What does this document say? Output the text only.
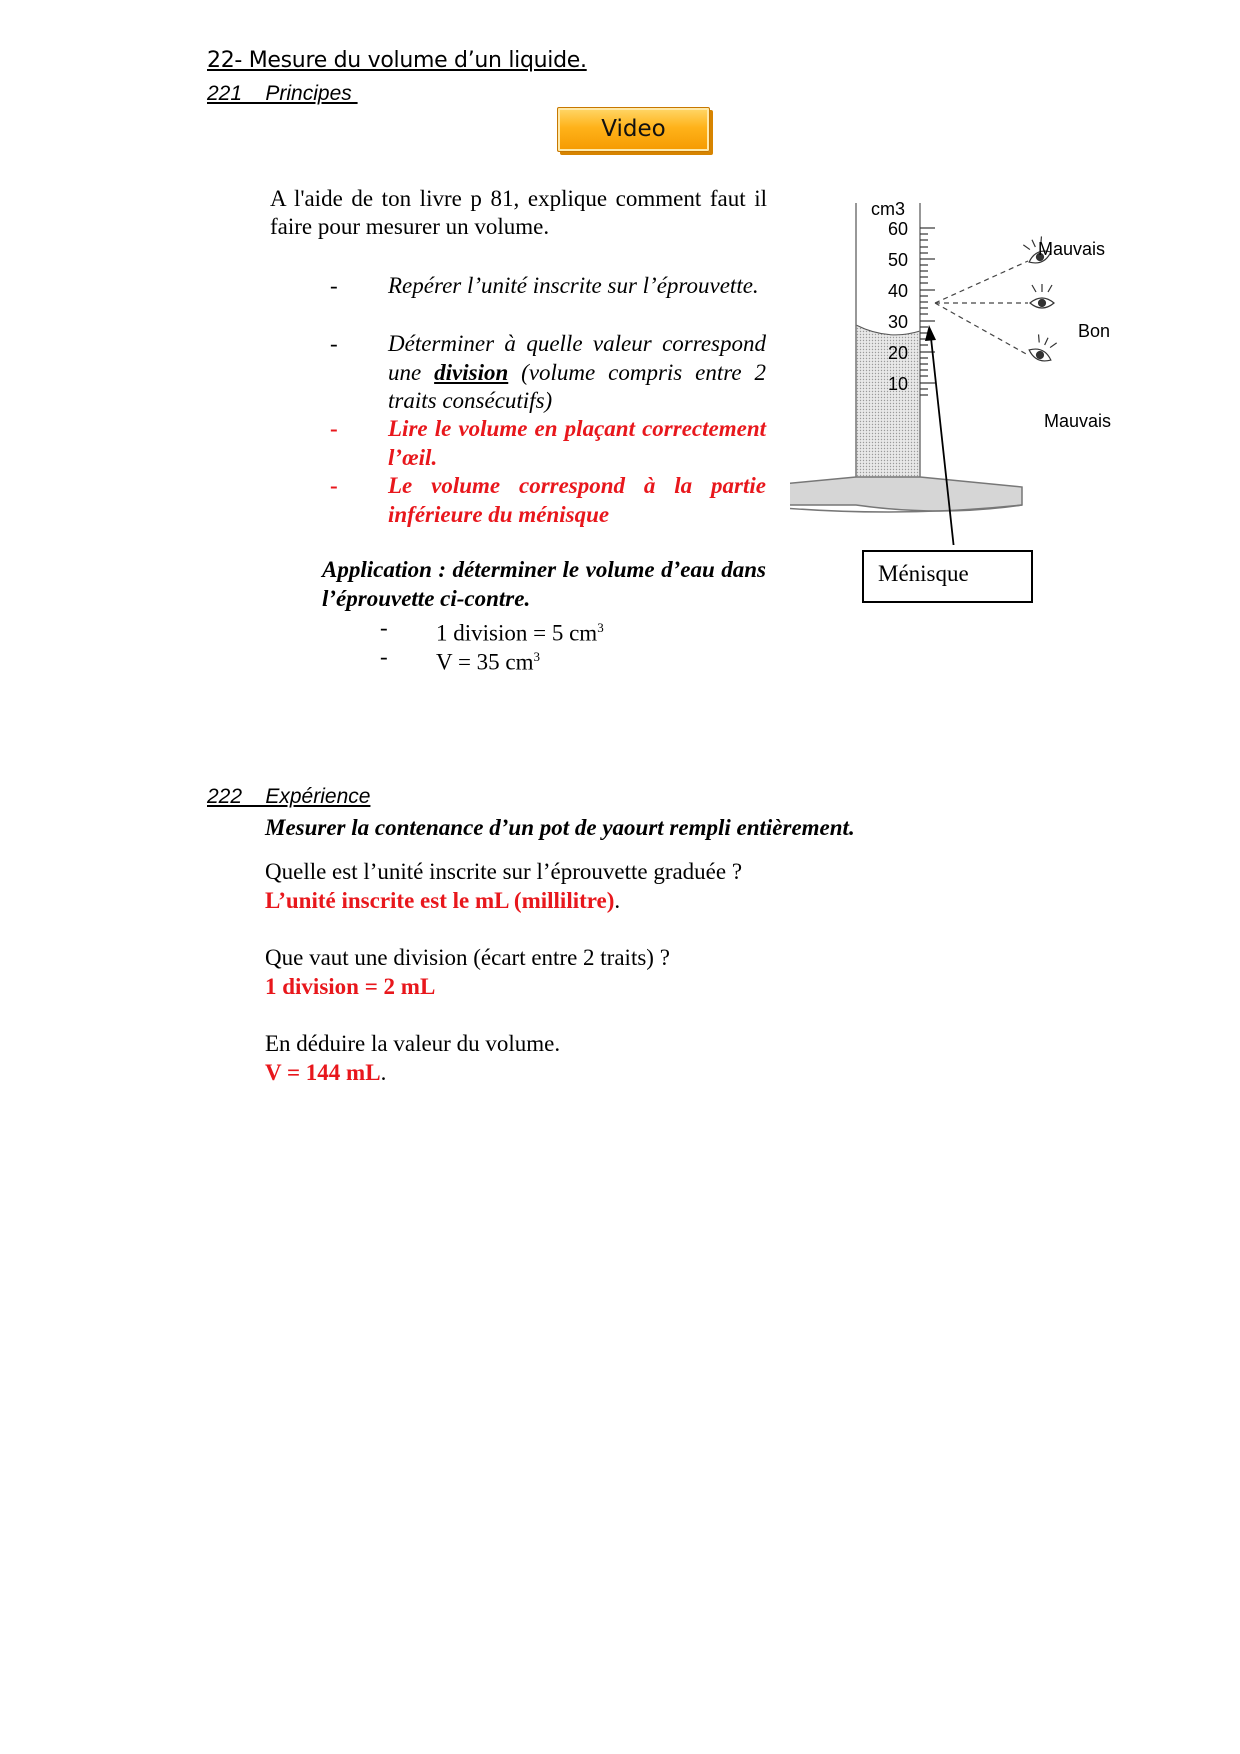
22- Mesure du volume d’un liquide.
221    Principes
Video
A l'aide de ton livre p 81, explique comment faut il faire pour mesurer un volume.
- Repérer l’unité inscrite sur l’éprouvette.
- Déterminer à quelle valeur correspond une division (volume compris entre 2 traits consécutifs)
- Lire le volume en plaçant correctement l’œil.
- Le volume correspond à la partie inférieure du ménisque
Application : déterminer le volume d’eau dans l’éprouvette ci-contre.
- 1 division = 5 $cm^3$
- V = 35 $cm^3$
cm3
60
50
40
30
20
10
Mauvais
Bon
Mauvais
Ménisque
222    Expérience
Mesurer la contenance d’un pot de yaourt rempli entièrement.
Quelle est l’unité inscrite sur l’éprouvette graduée ?
L’unité inscrite est le mL (millilitre).
Que vaut une division (écart entre 2 traits) ?
1 division = 2 mL
En déduire la valeur du volume.
V = 144 mL.
